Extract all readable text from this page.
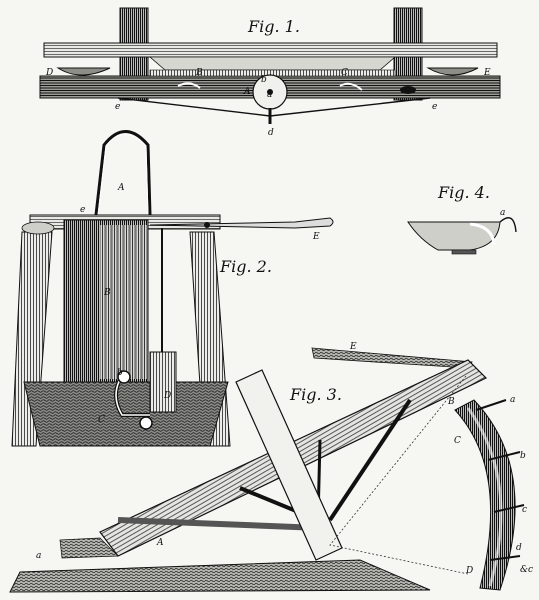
Fig. 1.
D	E
B	C
A
b
a
d
e	e
Fig. 2.
A
B
b
C
D
e
E
Fig. 4.
a
Fig. 3.
E
A
a
B
C
D
a
b
c
d
&c
